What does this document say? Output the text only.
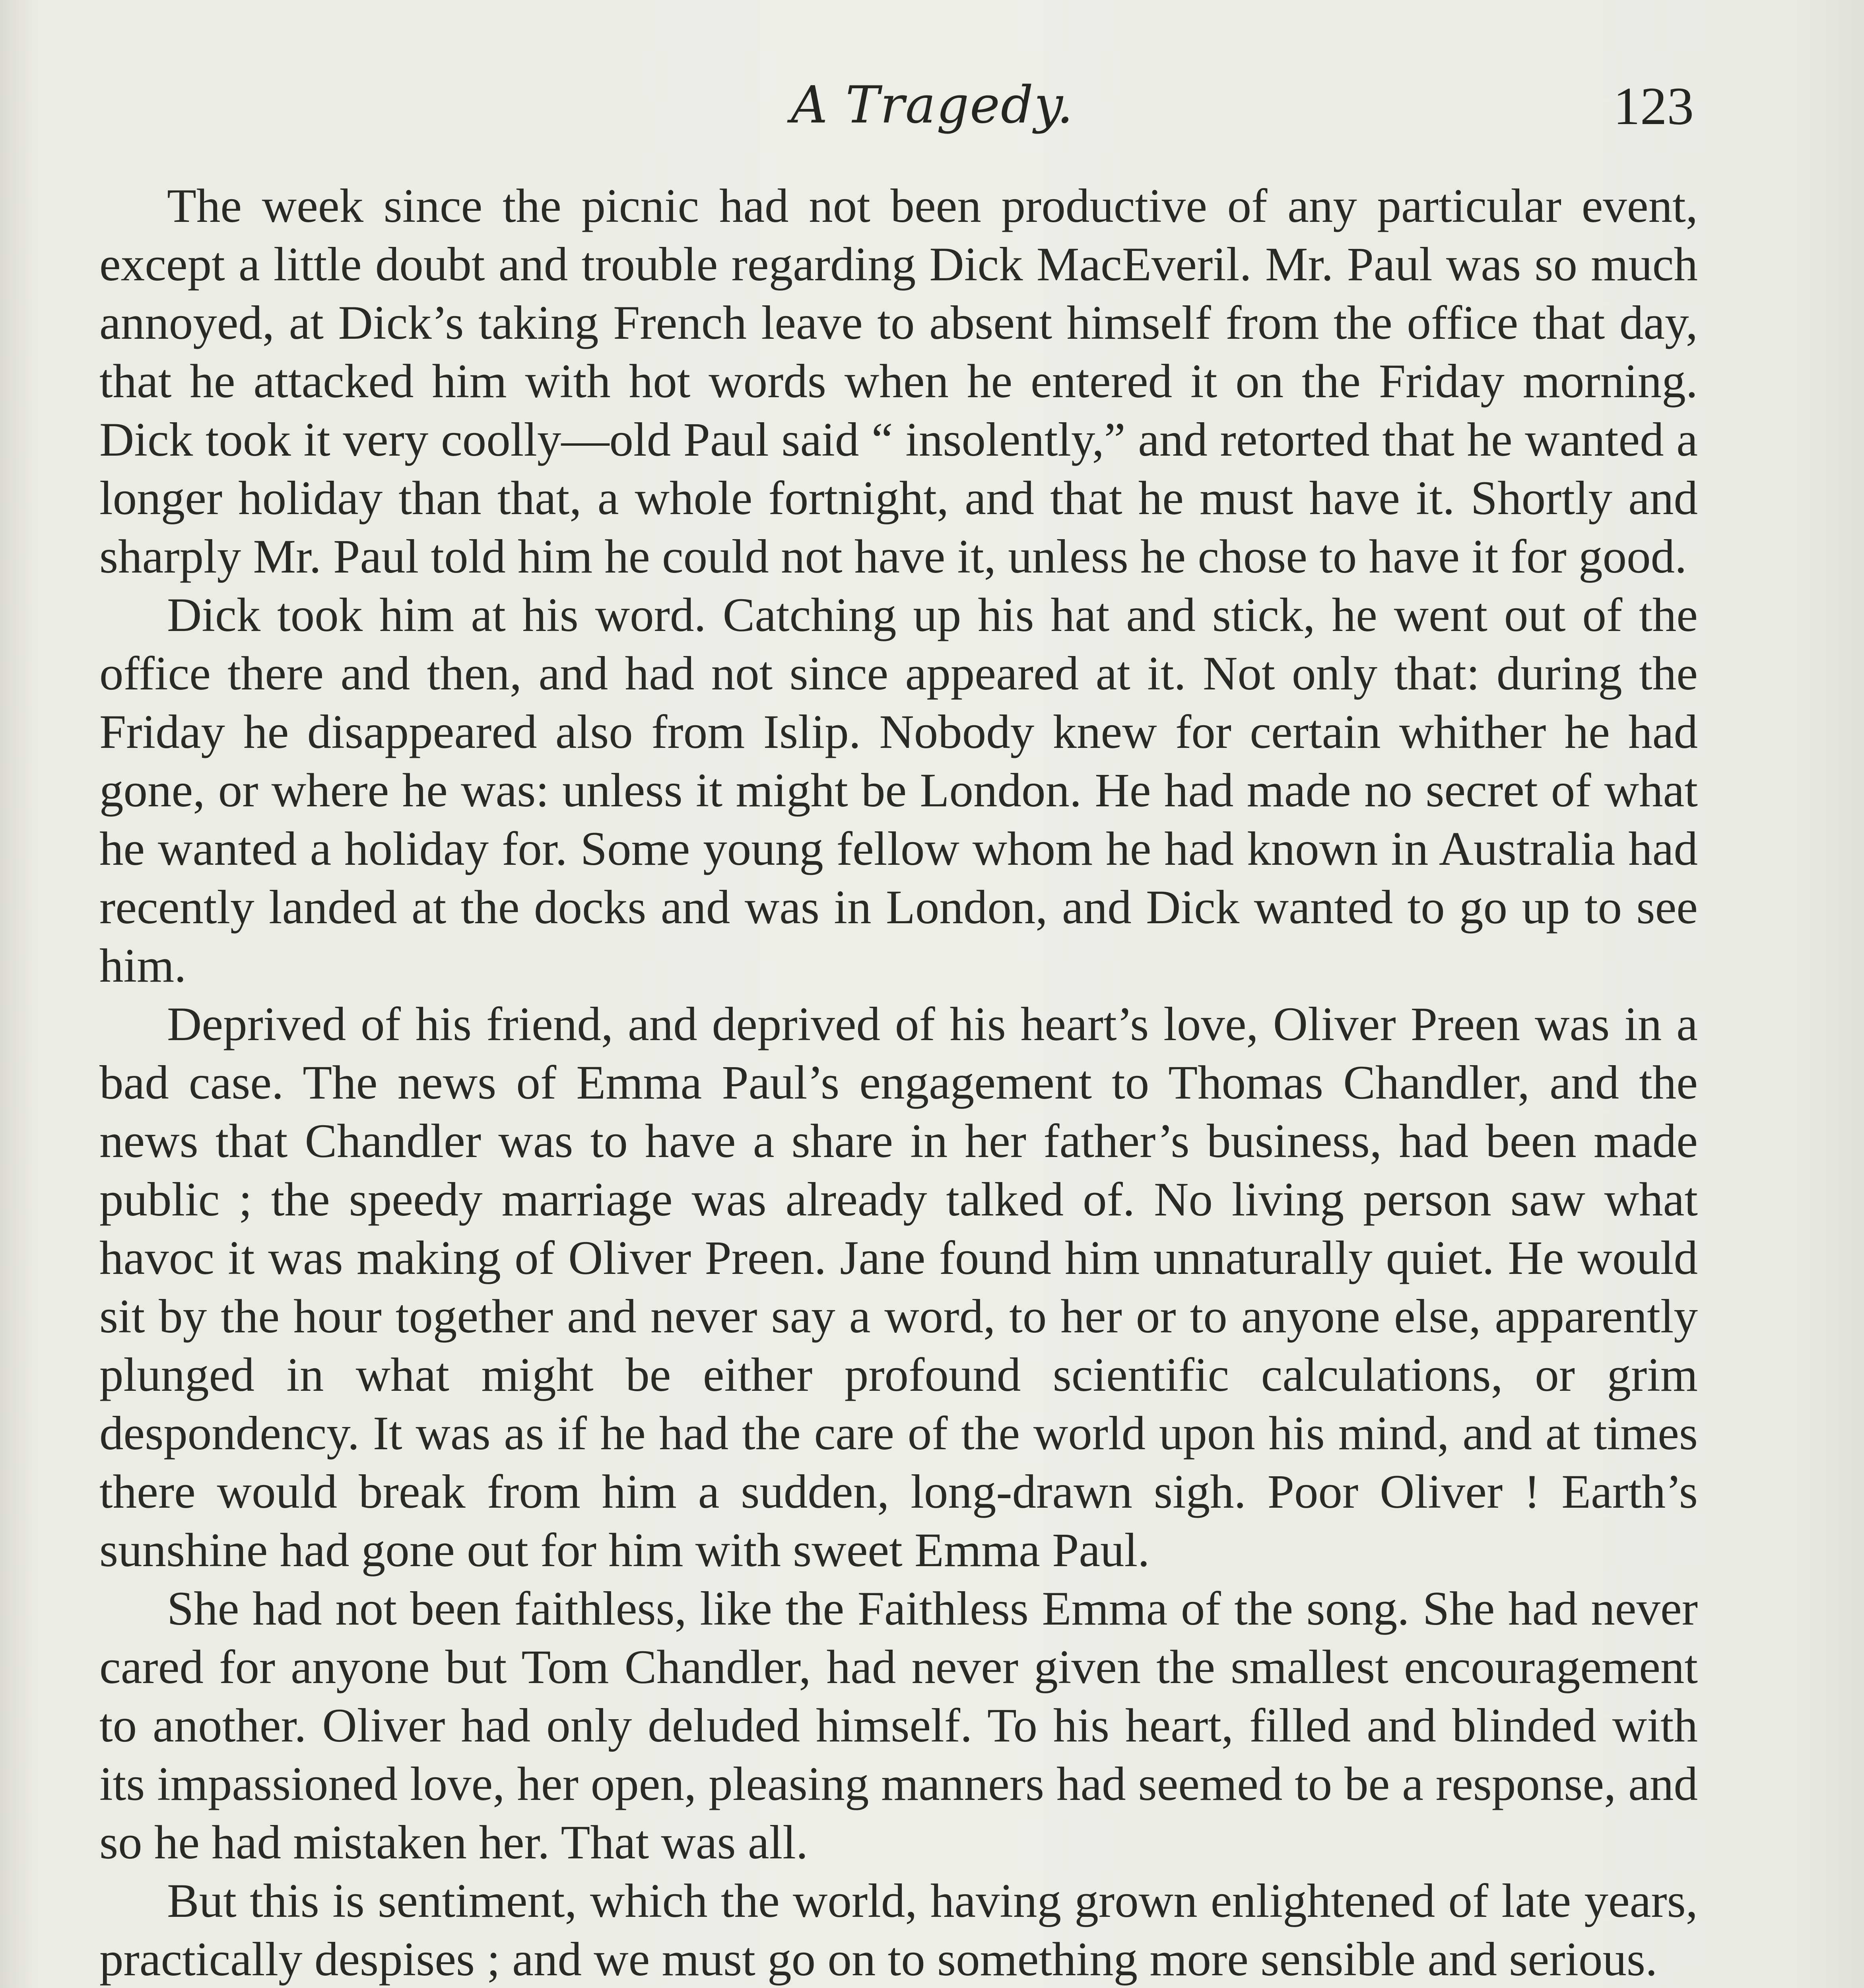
A Tragedy.	123

The week since the picnic had not been productive of any particular event, except a little doubt and trouble regarding Dick MacEveril. Mr. Paul was so much annoyed, at Dick’s taking French leave to absent himself from the office that day, that he attacked him with hot words when he entered it on the Friday morning. Dick took it very coolly—old Paul said “ insolently,” and retorted that he wanted a longer holiday than that, a whole fortnight, and that he must have it. Shortly and sharply Mr. Paul told him he could not have it, unless he chose to have it for good.

Dick took him at his word. Catching up his hat and stick, he went out of the office there and then, and had not since appeared at it. Not only that: during the Friday he disappeared also from Islip. Nobody knew for certain whither he had gone, or where he was: unless it might be London. He had made no secret of what he wanted a holiday for. Some young fellow whom he had known in Australia had recently landed at the docks and was in London, and Dick wanted to go up to see him.

Deprived of his friend, and deprived of his heart’s love, Oliver Preen was in a bad case. The news of Emma Paul’s engagement to Thomas Chandler, and the news that Chandler was to have a share in her father’s business, had been made public ; the speedy marriage was already talked of. No living person saw what havoc it was making of Oliver Preen. Jane found him unnaturally quiet. He would sit by the hour together and never say a word, to her or to anyone else, apparently plunged in what might be either profound scientific calculations, or grim despondency. It was as if he had the care of the world upon his mind, and at times there would break from him a sudden, long-drawn sigh. Poor Oliver ! Earth’s sunshine had gone out for him with sweet Emma Paul.

She had not been faithless, like the Faithless Emma of the song. She had never cared for anyone but Tom Chandler, had never given the smallest encouragement to another. Oliver had only deluded himself. To his heart, filled and blinded with its impassioned love, her open, pleasing manners had seemed to be a response, and so he had mistaken her. That was all.

But this is sentiment, which the world, having grown enlightened of late years, practically despises ; and we must go on to something more sensible and serious.
